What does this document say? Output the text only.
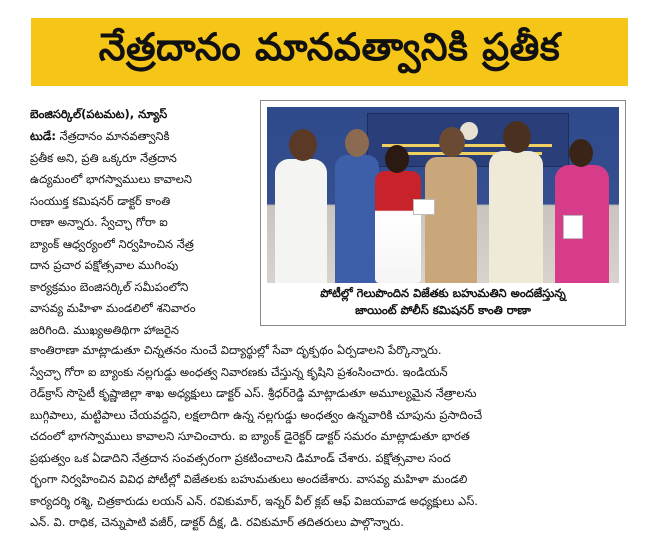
నేత్రదానం మానవత్వానికి ప్రతీక
బెంజిసర్కిల్(పటమట), న్యూస్
టుడే: నేత్రదానం మానవత్వానికి
ప్రతీక అని, ప్రతి ఒక్కరూ నేత్రదాన
ఉద్యమంలో భాగస్వాములు కావాలని
సంయుక్త కమిషనర్ డాక్టర్ కాంతి
రాణా అన్నారు. స్వేచ్ఛా గోరా ఐ
బ్యాంక్ ఆధ్వర్యంలో నిర్వహించిన నేత్ర
దాన ప్రచార పక్షోత్సవాల ముగింపు
కార్యక్రమం బెంజిసర్కిల్ సమీపంలోని
వాసవ్య మహిళా మండలిలో శనివారం
జరిగింది. ముఖ్యఅతిథిగా హాజరైన
పోటీల్లో గెలుపొందిన విజేతకు బహుమతిని అందజేస్తున్న
జాయింట్ పోలీస్ కమిషనర్ కాంతి రాణా
కాంతిరాణా మాట్లాడుతూ చిన్నతనం నుంచే విద్యార్థుల్లో సేవా దృక్పథం ఏర్పడాలని పేర్కొన్నారు.
స్వేచ్ఛా గోరా ఐ బ్యాంకు నల్లగుడ్డు అంధత్వ నివారణకు చేస్తున్న కృషిని ప్రశంసించారు. ఇండియన్
రెడ్‌క్రాస్ సొసైటీ కృష్ణాజిల్లా శాఖ అధ్యక్షులు డాక్టర్ ఎస్. శ్రీధర్‌రెడ్డి మాట్లాడుతూ అమూల్యమైన నేత్రాలను
బుగ్గిపాలు, మట్టిపాలు చేయవద్దని, లక్షలాదిగా ఉన్న నల్లగుడ్డు అంధత్వం ఉన్నవారికి చూపును ప్రసాదించే
చదంలో భాగస్వాములు కావాలని సూచించారు. ఐ బ్యాంక్ డైరెక్టర్ డాక్టర్ సమరం మాట్లాడుతూ భారత
ప్రభుత్వం ఒక ఏడాదిని నేత్రదాన సంవత్సరంగా ప్రకటించాలని డిమాండ్ చేశారు. పక్షోత్సవాల సంద
ర్భంగా నిర్వహించిన వివిధ పోటీల్లో విజేతలకు బహుమతులు అందజేశారు. వాసవ్య మహిళా మండలి
కార్యదర్శి రశ్మి, చిత్రకారుడు లయన్ ఎన్. రవికుమార్, ఇన్నర్ వీల్ క్లబ్ ఆఫ్ విజయవాడ అధ్యక్షులు ఎస్.
ఎన్. వి. రాధిక, చెన్నుపాటి వజీర్, డాక్టర్ దీక్ష, డి. రవికుమార్ తదితరులు పాల్గొన్నారు.
